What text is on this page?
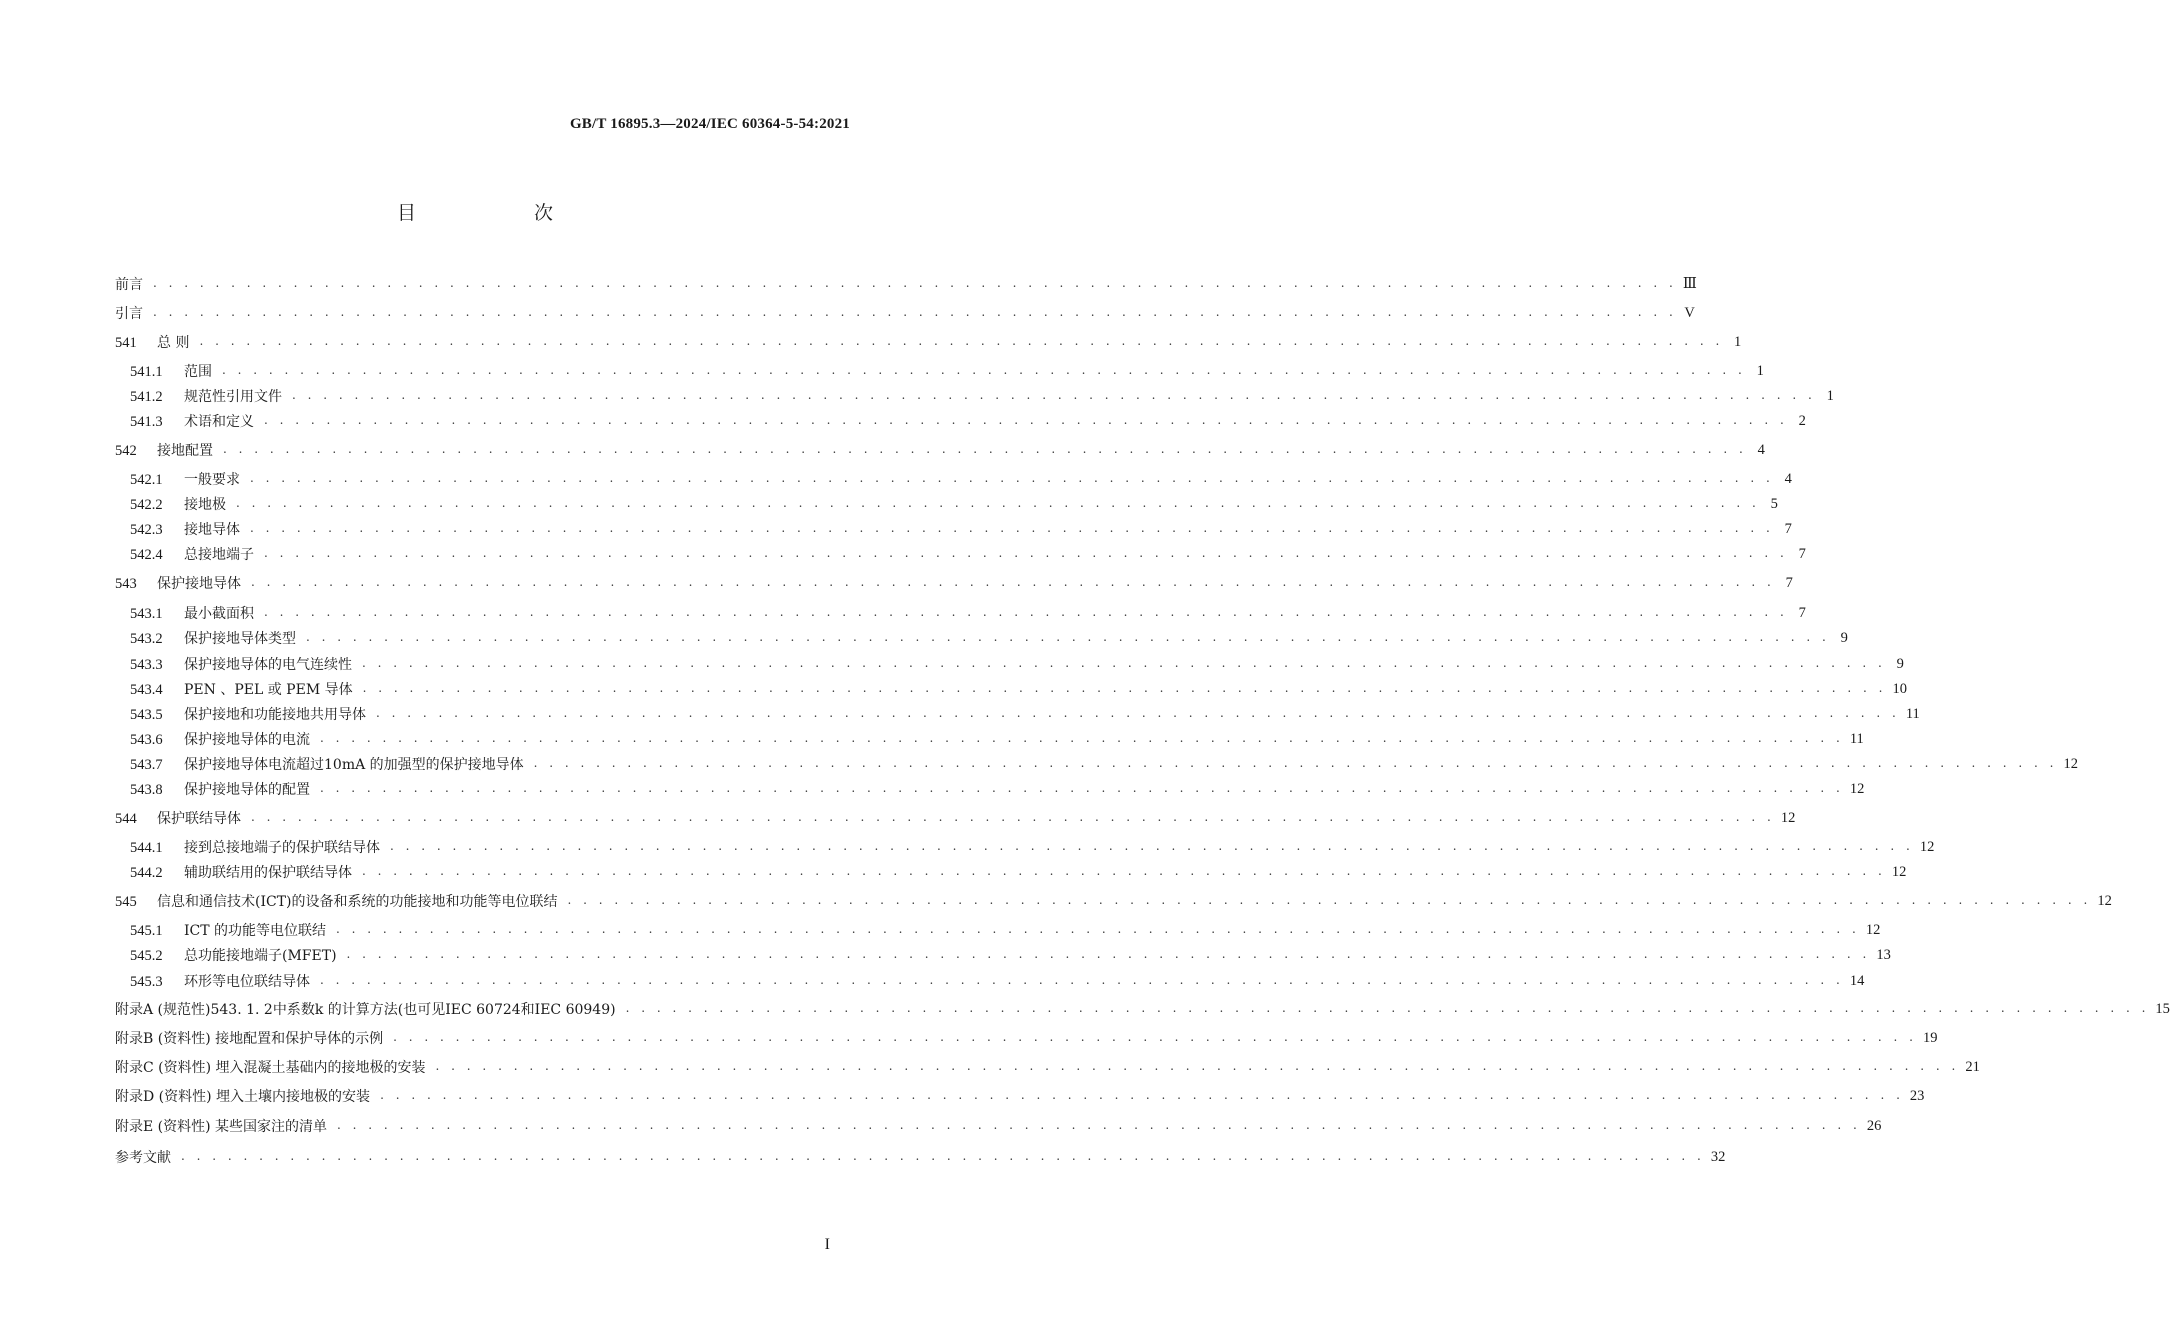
GB/T 16895.3—2024/IEC 60364-5-54:2021
目 次
前言 . . . . . . . . . . . . . . . . . . . . . . . . . . . . . . . . . . . . . . . . . . . . . . . . . . . . . . . . . . . . . . . . . . . . . . . . . . . . . . . . . . . . . . . . . . . . . . . . . . Ⅲ
引言 . . . . . . . . . . . . . . . . . . . . . . . . . . . . . . . . . . . . . . . . . . . . . . . . . . . . . . . . . . . . . . . . . . . . . . . . . . . . . . . . . . . . . . . . . . . . . . . . . . V
541 总 则 . . . . . . . . . . . . . . . . . . . . . . . . . . . . . . . . . . . . . . . . . . . . . . . . . . . . . . . . . . . . . . . . . . . . . . . . . . . . . . . . . . . . . . . . . . . . . . . . . . 1
541.1 范围 . . . . . . . . . . . . . . . . . . . . . . . . . . . . . . . . . . . . . . . . . . . . . . . . . . . . . . . . . . . . . . . . . . . . . . . . . . . . . . . . . . . . . . . . . . . . . . . . . . 1
541.2 规范性引用文件 . . . . . . . . . . . . . . . . . . . . . . . . . . . . . . . . . . . . . . . . . . . . . . . . . . . . . . . . . . . . . . . . . . . . . . . . . . . . . . . . . . . . . . . . . . . . . . . . . . 1
541.3 术语和定义 . . . . . . . . . . . . . . . . . . . . . . . . . . . . . . . . . . . . . . . . . . . . . . . . . . . . . . . . . . . . . . . . . . . . . . . . . . . . . . . . . . . . . . . . . . . . . . . . . . 2
542 接地配置 . . . . . . . . . . . . . . . . . . . . . . . . . . . . . . . . . . . . . . . . . . . . . . . . . . . . . . . . . . . . . . . . . . . . . . . . . . . . . . . . . . . . . . . . . . . . . . . . . . 4
542.1 一般要求 . . . . . . . . . . . . . . . . . . . . . . . . . . . . . . . . . . . . . . . . . . . . . . . . . . . . . . . . . . . . . . . . . . . . . . . . . . . . . . . . . . . . . . . . . . . . . . . . . . 4
542.2 接地极 . . . . . . . . . . . . . . . . . . . . . . . . . . . . . . . . . . . . . . . . . . . . . . . . . . . . . . . . . . . . . . . . . . . . . . . . . . . . . . . . . . . . . . . . . . . . . . . . . . 5
542.3 接地导体 . . . . . . . . . . . . . . . . . . . . . . . . . . . . . . . . . . . . . . . . . . . . . . . . . . . . . . . . . . . . . . . . . . . . . . . . . . . . . . . . . . . . . . . . . . . . . . . . . . 7
542.4 总接地端子 . . . . . . . . . . . . . . . . . . . . . . . . . . . . . . . . . . . . . . . . . . . . . . . . . . . . . . . . . . . . . . . . . . . . . . . . . . . . . . . . . . . . . . . . . . . . . . . . . . 7
543 保护接地导体 . . . . . . . . . . . . . . . . . . . . . . . . . . . . . . . . . . . . . . . . . . . . . . . . . . . . . . . . . . . . . . . . . . . . . . . . . . . . . . . . . . . . . . . . . . . . . . . . . . 7
543.1 最小截面积 . . . . . . . . . . . . . . . . . . . . . . . . . . . . . . . . . . . . . . . . . . . . . . . . . . . . . . . . . . . . . . . . . . . . . . . . . . . . . . . . . . . . . . . . . . . . . . . . . . 7
543.2 保护接地导体类型 . . . . . . . . . . . . . . . . . . . . . . . . . . . . . . . . . . . . . . . . . . . . . . . . . . . . . . . . . . . . . . . . . . . . . . . . . . . . . . . . . . . . . . . . . . . . . . . . . . 9
543.3 保护接地导体的电气连续性 . . . . . . . . . . . . . . . . . . . . . . . . . . . . . . . . . . . . . . . . . . . . . . . . . . . . . . . . . . . . . . . . . . . . . . . . . . . . . . . . . . . . . . . . . . . . . . . . . . 9
543.4 PEN 、PEL 或 PEM 导体 . . . . . . . . . . . . . . . . . . . . . . . . . . . . . . . . . . . . . . . . . . . . . . . . . . . . . . . . . . . . . . . . . . . . . . . . . . . . . . . . . . . . . . . . . . . . . . . . . . 10
543.5 保护接地和功能接地共用导体 . . . . . . . . . . . . . . . . . . . . . . . . . . . . . . . . . . . . . . . . . . . . . . . . . . . . . . . . . . . . . . . . . . . . . . . . . . . . . . . . . . . . . . . . . . . . . . . . . . 11
543.6 保护接地导体的电流 . . . . . . . . . . . . . . . . . . . . . . . . . . . . . . . . . . . . . . . . . . . . . . . . . . . . . . . . . . . . . . . . . . . . . . . . . . . . . . . . . . . . . . . . . . . . . . . . . . 11
543.7 保护接地导体电流超过10mA 的加强型的保护接地导体 . . . . . . . . . . . . . . . . . . . . . . . . . . . . . . . . . . . . . . . . . . . . . . . . . . . . . . . . . . . . . . . . . . . . . . . . . . . . . . . . . . . . . . . . . . . . . . . . . . 12
543.8 保护接地导体的配置 . . . . . . . . . . . . . . . . . . . . . . . . . . . . . . . . . . . . . . . . . . . . . . . . . . . . . . . . . . . . . . . . . . . . . . . . . . . . . . . . . . . . . . . . . . . . . . . . . . 12
544 保护联结导体 . . . . . . . . . . . . . . . . . . . . . . . . . . . . . . . . . . . . . . . . . . . . . . . . . . . . . . . . . . . . . . . . . . . . . . . . . . . . . . . . . . . . . . . . . . . . . . . . . . 12
544.1 接到总接地端子的保护联结导体 . . . . . . . . . . . . . . . . . . . . . . . . . . . . . . . . . . . . . . . . . . . . . . . . . . . . . . . . . . . . . . . . . . . . . . . . . . . . . . . . . . . . . . . . . . . . . . . . . . 12
544.2 辅助联结用的保护联结导体 . . . . . . . . . . . . . . . . . . . . . . . . . . . . . . . . . . . . . . . . . . . . . . . . . . . . . . . . . . . . . . . . . . . . . . . . . . . . . . . . . . . . . . . . . . . . . . . . . . 12
545 信息和通信技术(ICT)的设备和系统的功能接地和功能等电位联结 . . . . . . . . . . . . . . . . . . . . . . . . . . . . . . . . . . . . . . . . . . . . . . . . . . . . . . . . . . . . . . . . . . . . . . . . . . . . . . . . . . . . . . . . . . . . . . . . . . 12
545.1 ICT 的功能等电位联结 . . . . . . . . . . . . . . . . . . . . . . . . . . . . . . . . . . . . . . . . . . . . . . . . . . . . . . . . . . . . . . . . . . . . . . . . . . . . . . . . . . . . . . . . . . . . . . . . . . 12
545.2 总功能接地端子(MFET) . . . . . . . . . . . . . . . . . . . . . . . . . . . . . . . . . . . . . . . . . . . . . . . . . . . . . . . . . . . . . . . . . . . . . . . . . . . . . . . . . . . . . . . . . . . . . . . . . . 13
545.3 环形等电位联结导体 . . . . . . . . . . . . . . . . . . . . . . . . . . . . . . . . . . . . . . . . . . . . . . . . . . . . . . . . . . . . . . . . . . . . . . . . . . . . . . . . . . . . . . . . . . . . . . . . . . 14
附录A (规范性)543. 1. 2中系数k 的计算方法(也可见IEC 60724和IEC 60949) . . . . . . . . . . . . . . . . . . . . . . . . . . . . . . . . . . . . . . . . . . . . . . . . . . . . . . . . . . . . . . . . . . . . . . . . . . . . . . . . . . . . . . . . . . . . . . . . . . 15
附录B (资料性) 接地配置和保护导体的示例 . . . . . . . . . . . . . . . . . . . . . . . . . . . . . . . . . . . . . . . . . . . . . . . . . . . . . . . . . . . . . . . . . . . . . . . . . . . . . . . . . . . . . . . . . . . . . . . . . . 19
附录C (资料性) 埋入混凝土基础内的接地极的安装 . . . . . . . . . . . . . . . . . . . . . . . . . . . . . . . . . . . . . . . . . . . . . . . . . . . . . . . . . . . . . . . . . . . . . . . . . . . . . . . . . . . . . . . . . . . . . . . . . . 21
附录D (资料性) 埋入土壤内接地极的安装 . . . . . . . . . . . . . . . . . . . . . . . . . . . . . . . . . . . . . . . . . . . . . . . . . . . . . . . . . . . . . . . . . . . . . . . . . . . . . . . . . . . . . . . . . . . . . . . . . . 23
附录E (资料性) 某些国家注的清单 . . . . . . . . . . . . . . . . . . . . . . . . . . . . . . . . . . . . . . . . . . . . . . . . . . . . . . . . . . . . . . . . . . . . . . . . . . . . . . . . . . . . . . . . . . . . . . . . . . 26
参考文献 . . . . . . . . . . . . . . . . . . . . . . . . . . . . . . . . . . . . . . . . . . . . . . . . . . . . . . . . . . . . . . . . . . . . . . . . . . . . . . . . . . . . . . . . . . . . . . . . . . 32
I
